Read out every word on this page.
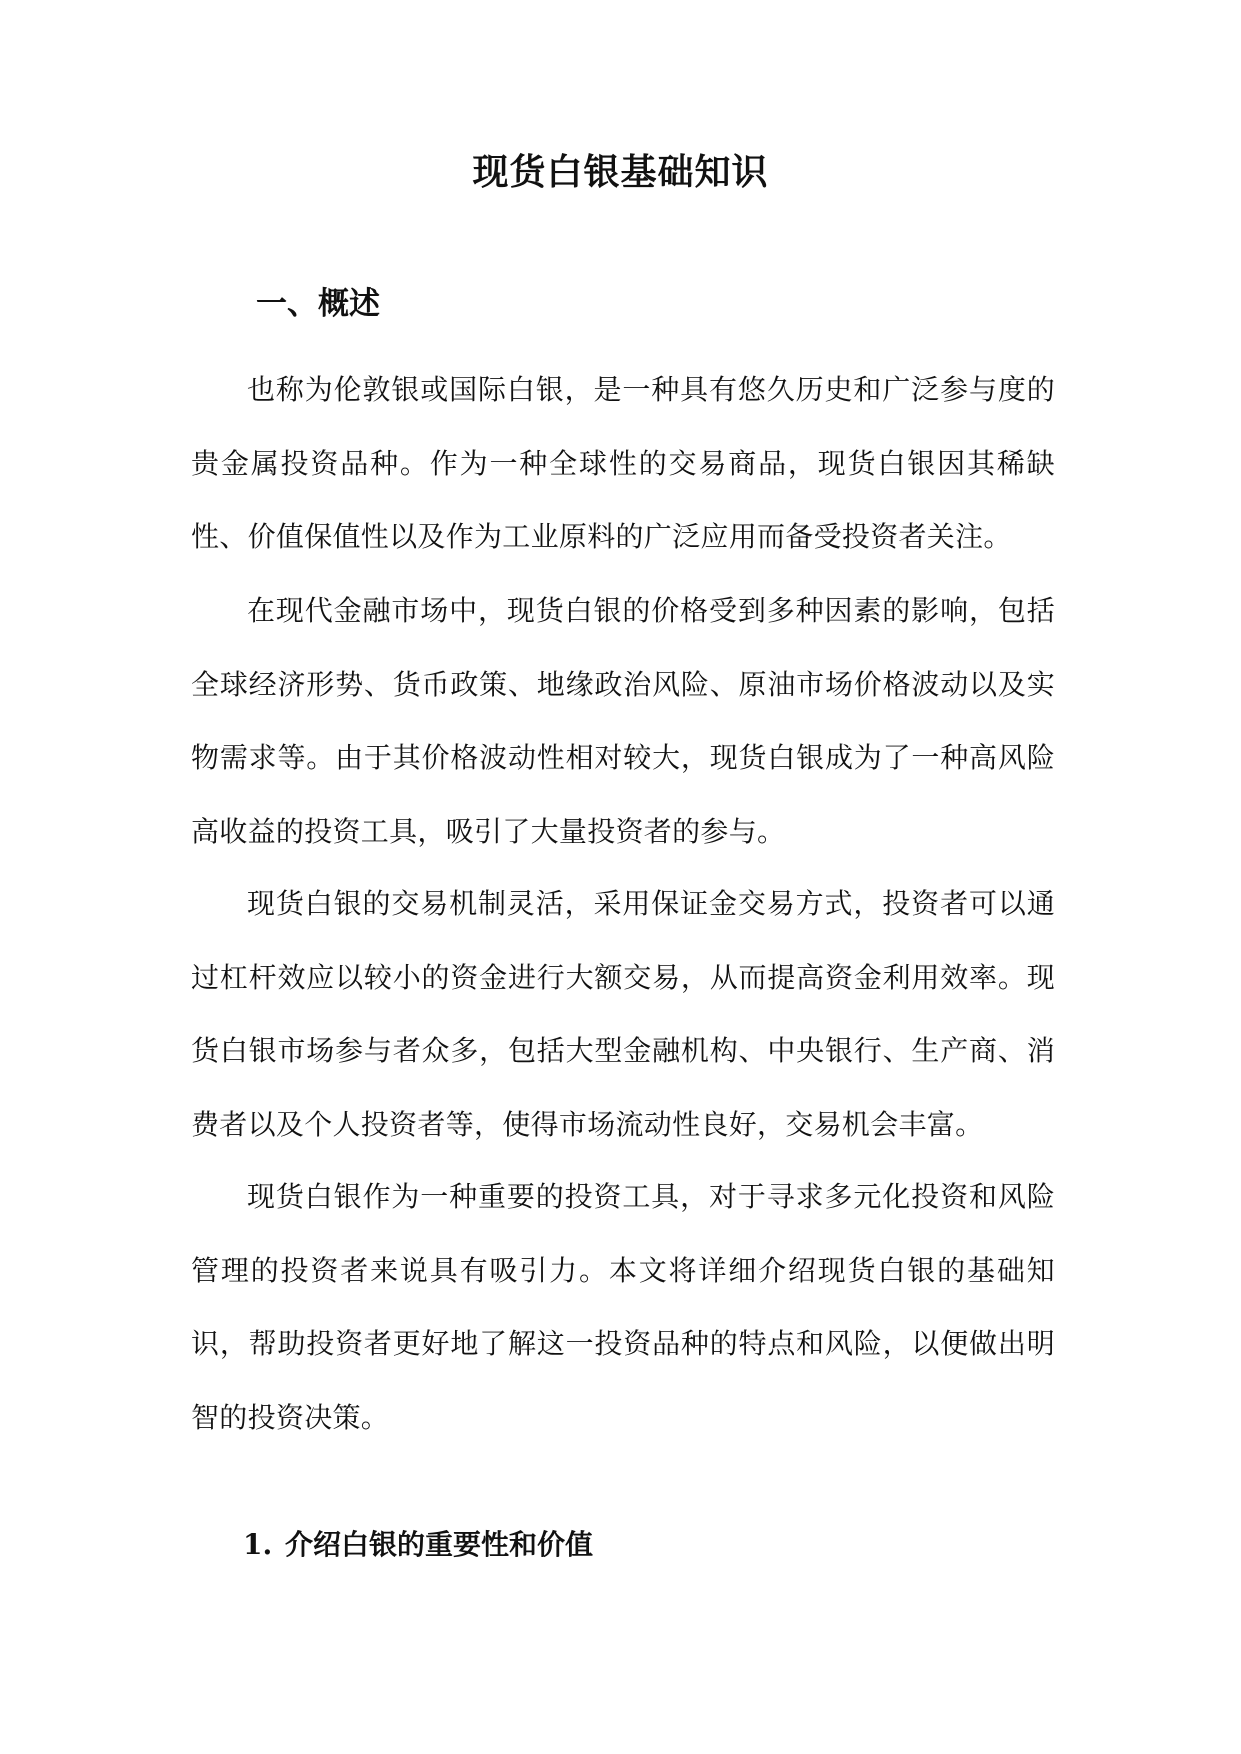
现货白银基础知识
一、概述

也称为伦敦银或国际白银，是一种具有悠久历史和广泛参与度的贵金属投资品种。作为一种全球性的交易商品，现货白银因其稀缺性、价值保值性以及作为工业原料的广泛应用而备受投资者关注。

在现代金融市场中，现货白银的价格受到多种因素的影响，包括全球经济形势、货币政策、地缘政治风险、原油市场价格波动以及实物需求等。由于其价格波动性相对较大，现货白银成为了一种高风险高收益的投资工具，吸引了大量投资者的参与。

现货白银的交易机制灵活，采用保证金交易方式，投资者可以通过杠杆效应以较小的资金进行大额交易，从而提高资金利用效率。现货白银市场参与者众多，包括大型金融机构、中央银行、生产商、消费者以及个人投资者等，使得市场流动性良好，交易机会丰富。

现货白银作为一种重要的投资工具，对于寻求多元化投资和风险管理的投资者来说具有吸引力。本文将详细介绍现货白银的基础知识，帮助投资者更好地了解这一投资品种的特点和风险，以便做出明智的投资决策。

1. 介绍白银的重要性和价值
